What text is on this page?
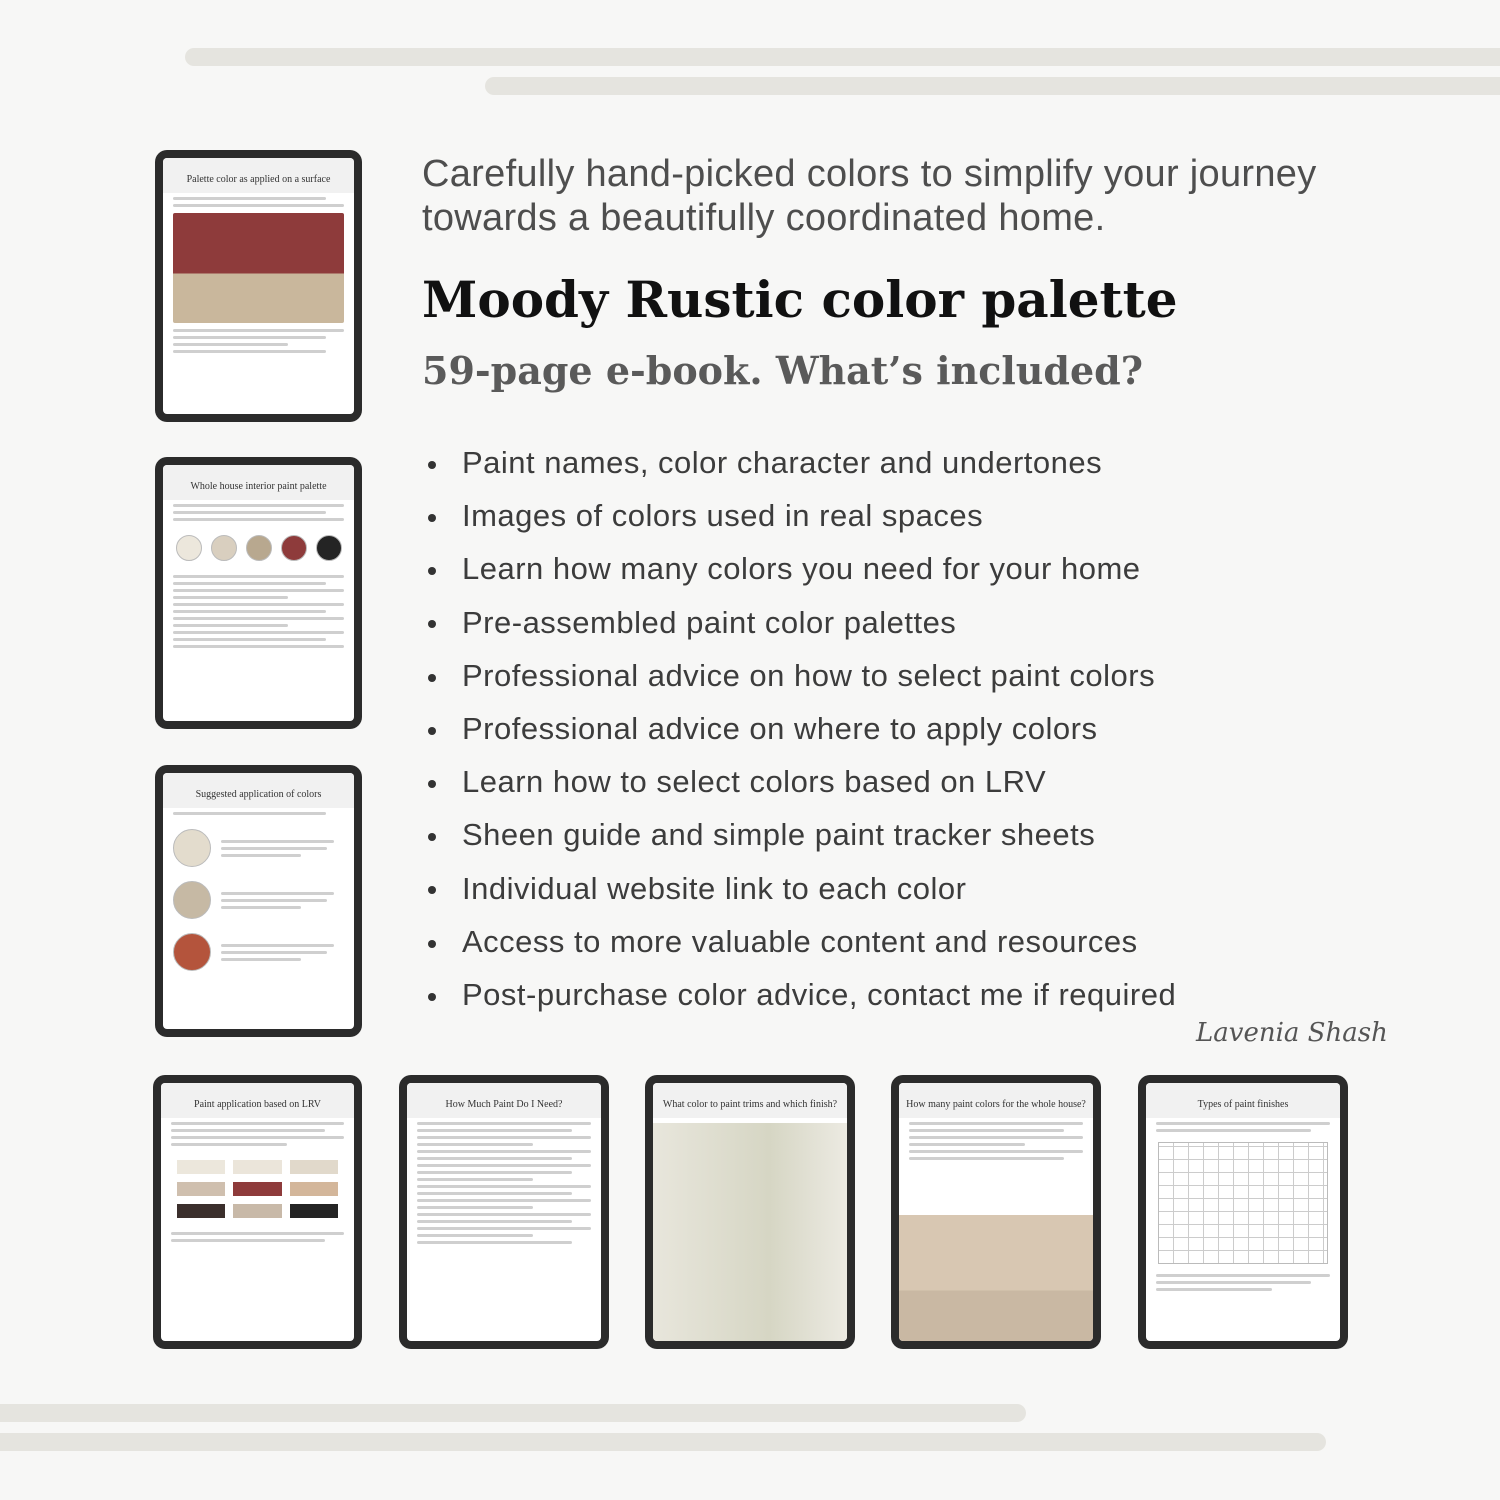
Palette color as applied on a surface
Whole house interior paint palette
Suggested application of colors
Carefully hand-picked colors to simplify your journey towards a beautifully coordinated home.
Moody Rustic color palette
59-page e-book. What’s included?
Paint names, color character and undertones
Images of colors used in real spaces
Learn how many colors you need for your home
Pre-assembled paint color palettes
Professional advice on how to select paint colors
Professional advice on where to apply colors
Learn how to select colors based on LRV
Sheen guide and simple paint tracker sheets
Individual website link to each color
Access to more valuable content and resources
Post-purchase color advice, contact me if required
Lavenia Shash
Paint application based on LRV	How Much Paint Do I Need?	What color to paint trims and which finish?	How many paint colors for the whole house?	Types of paint finishes
